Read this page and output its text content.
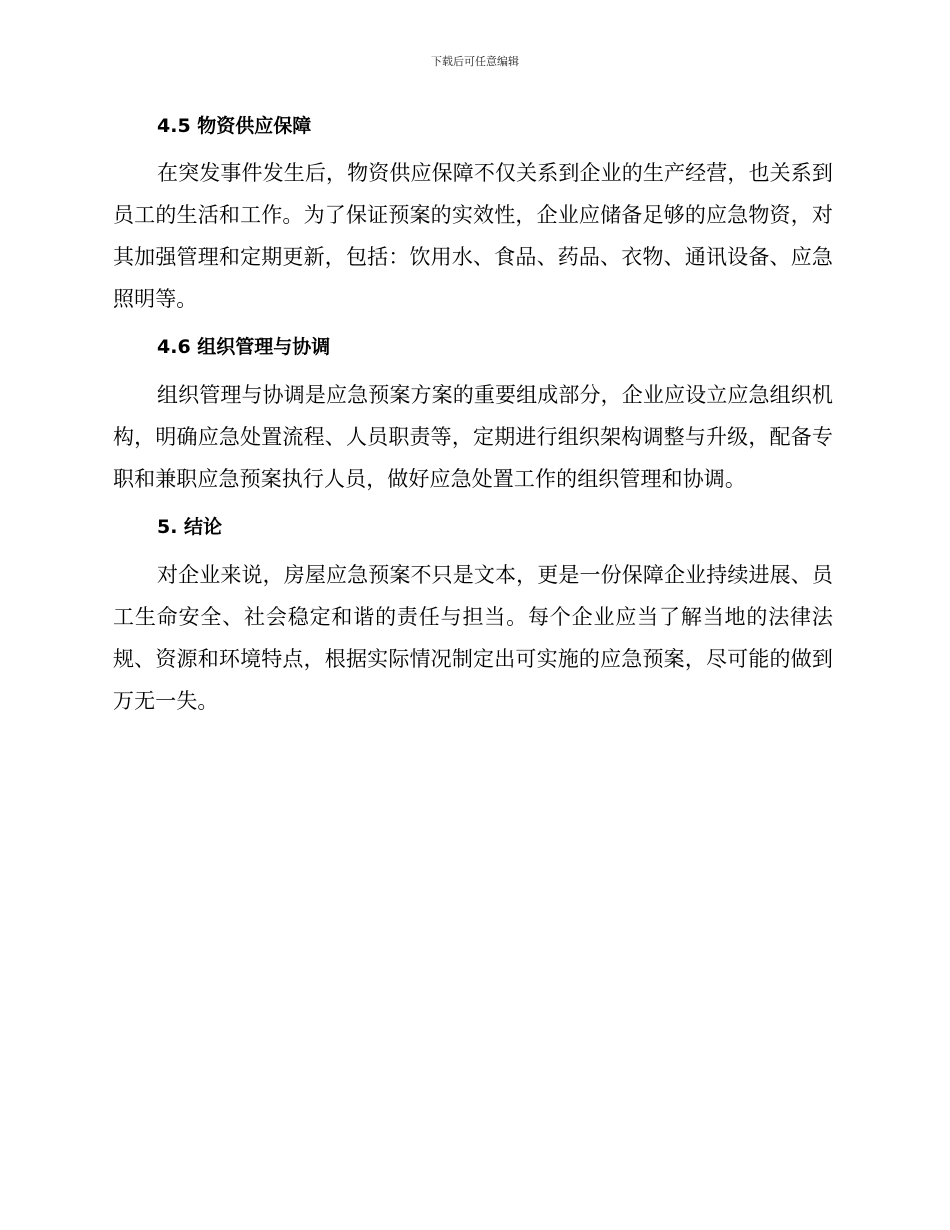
下载后可任意编辑
4.5 物资供应保障

在突发事件发生后，物资供应保障不仅关系到企业的生产经营，也关系到员工的生活和工作。为了保证预案的实效性，企业应储备足够的应急物资，对其加强管理和定期更新，包括：饮用水、食品、药品、衣物、通讯设备、应急照明等。

4.6 组织管理与协调

组织管理与协调是应急预案方案的重要组成部分，企业应设立应急组织机构，明确应急处置流程、人员职责等，定期进行组织架构调整与升级，配备专职和兼职应急预案执行人员，做好应急处置工作的组织管理和协调。

5. 结论

对企业来说，房屋应急预案不只是文本，更是一份保障企业持续进展、员工生命安全、社会稳定和谐的责任与担当。每个企业应当了解当地的法律法规、资源和环境特点，根据实际情况制定出可实施的应急预案，尽可能的做到万无一失。
